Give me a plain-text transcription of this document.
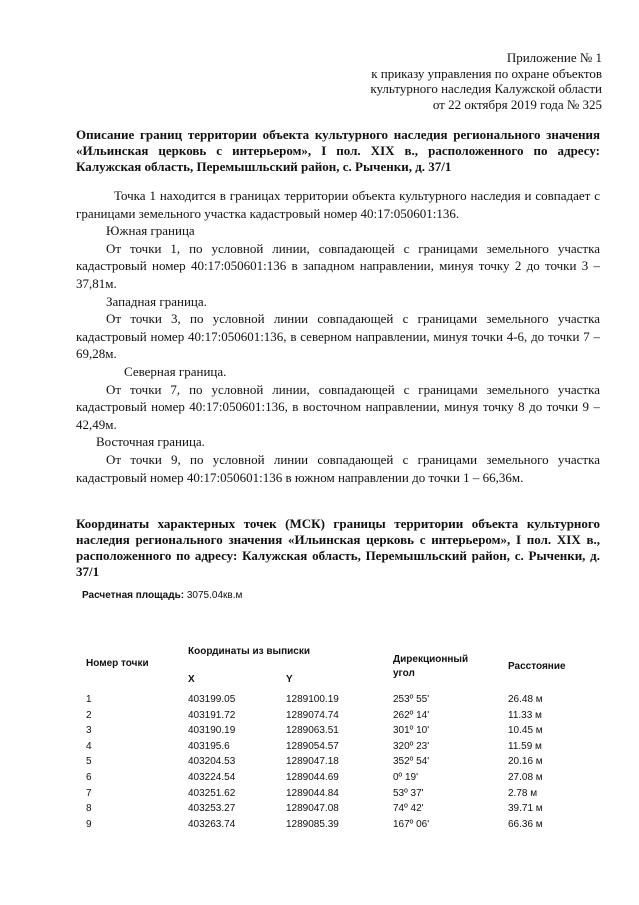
Приложение № 1
к приказу управления по охране объектов
культурного наследия Калужской области
от 22 октября 2019 года № 325
Описание границ территории объекта культурного наследия регионального значения «Ильинская церковь с интерьером», I пол. XIX в., расположенного по адресу: Калужская область, Перемышльский район, с. Рыченки, д. 37/1

Точка 1 находится в границах территории объекта культурного наследия и совпадает с границами земельного участка кадастровый номер 40:17:050601:136.

Южная граница

От точки 1, по условной линии, совпадающей с границами земельного участка кадастровый номер 40:17:050601:136 в западном направлении, минуя точку 2 до точки 3 – 37,81м.

Западная граница.

От точки 3, по условной линии совпадающей с границами земельного участка кадастровый номер 40:17:050601:136, в северном направлении, минуя точки 4-6, до точки 7 – 69,28м.

Северная граница.

От точки 7, по условной линии, совпадающей с границами земельного участка кадастровый номер 40:17:050601:136, в восточном направлении, минуя точку 8 до точки 9 – 42,49м.

Восточная граница.

От точки 9, по условной линии совпадающей с границами земельного участка кадастровый номер 40:17:050601:136 в южном направлении до точки 1 – 66,36м.

Координаты характерных точек (МСК) границы территории объекта культурного наследия регионального значения «Ильинская церковь с интерьером», I пол. XIX в., расположенного по адресу: Калужская область, Перемышльский район, с. Рыченки, д. 37/1
Расчетная площадь: 3075.04кв.м
Номер точки
Координаты из выписки
X	Y
Дирекционный
угол
Расстояние
1	403199.05	1289100.19	253º 55'	26.48 м
2	403191.72	1289074.74	262º 14'	11.33 м
3	403190.19	1289063.51	301º 10'	10.45 м
4	403195.6	1289054.57	320º 23'	11.59 м
5	403204.53	1289047.18	352º 54'	20.16 м
6	403224.54	1289044.69	0º 19'	27.08 м
7	403251.62	1289044.84	53º 37'	2.78 м
8	403253.27	1289047.08	74º 42'	39.71 м
9	403263.74	1289085.39	167º 06'	66.36 м
